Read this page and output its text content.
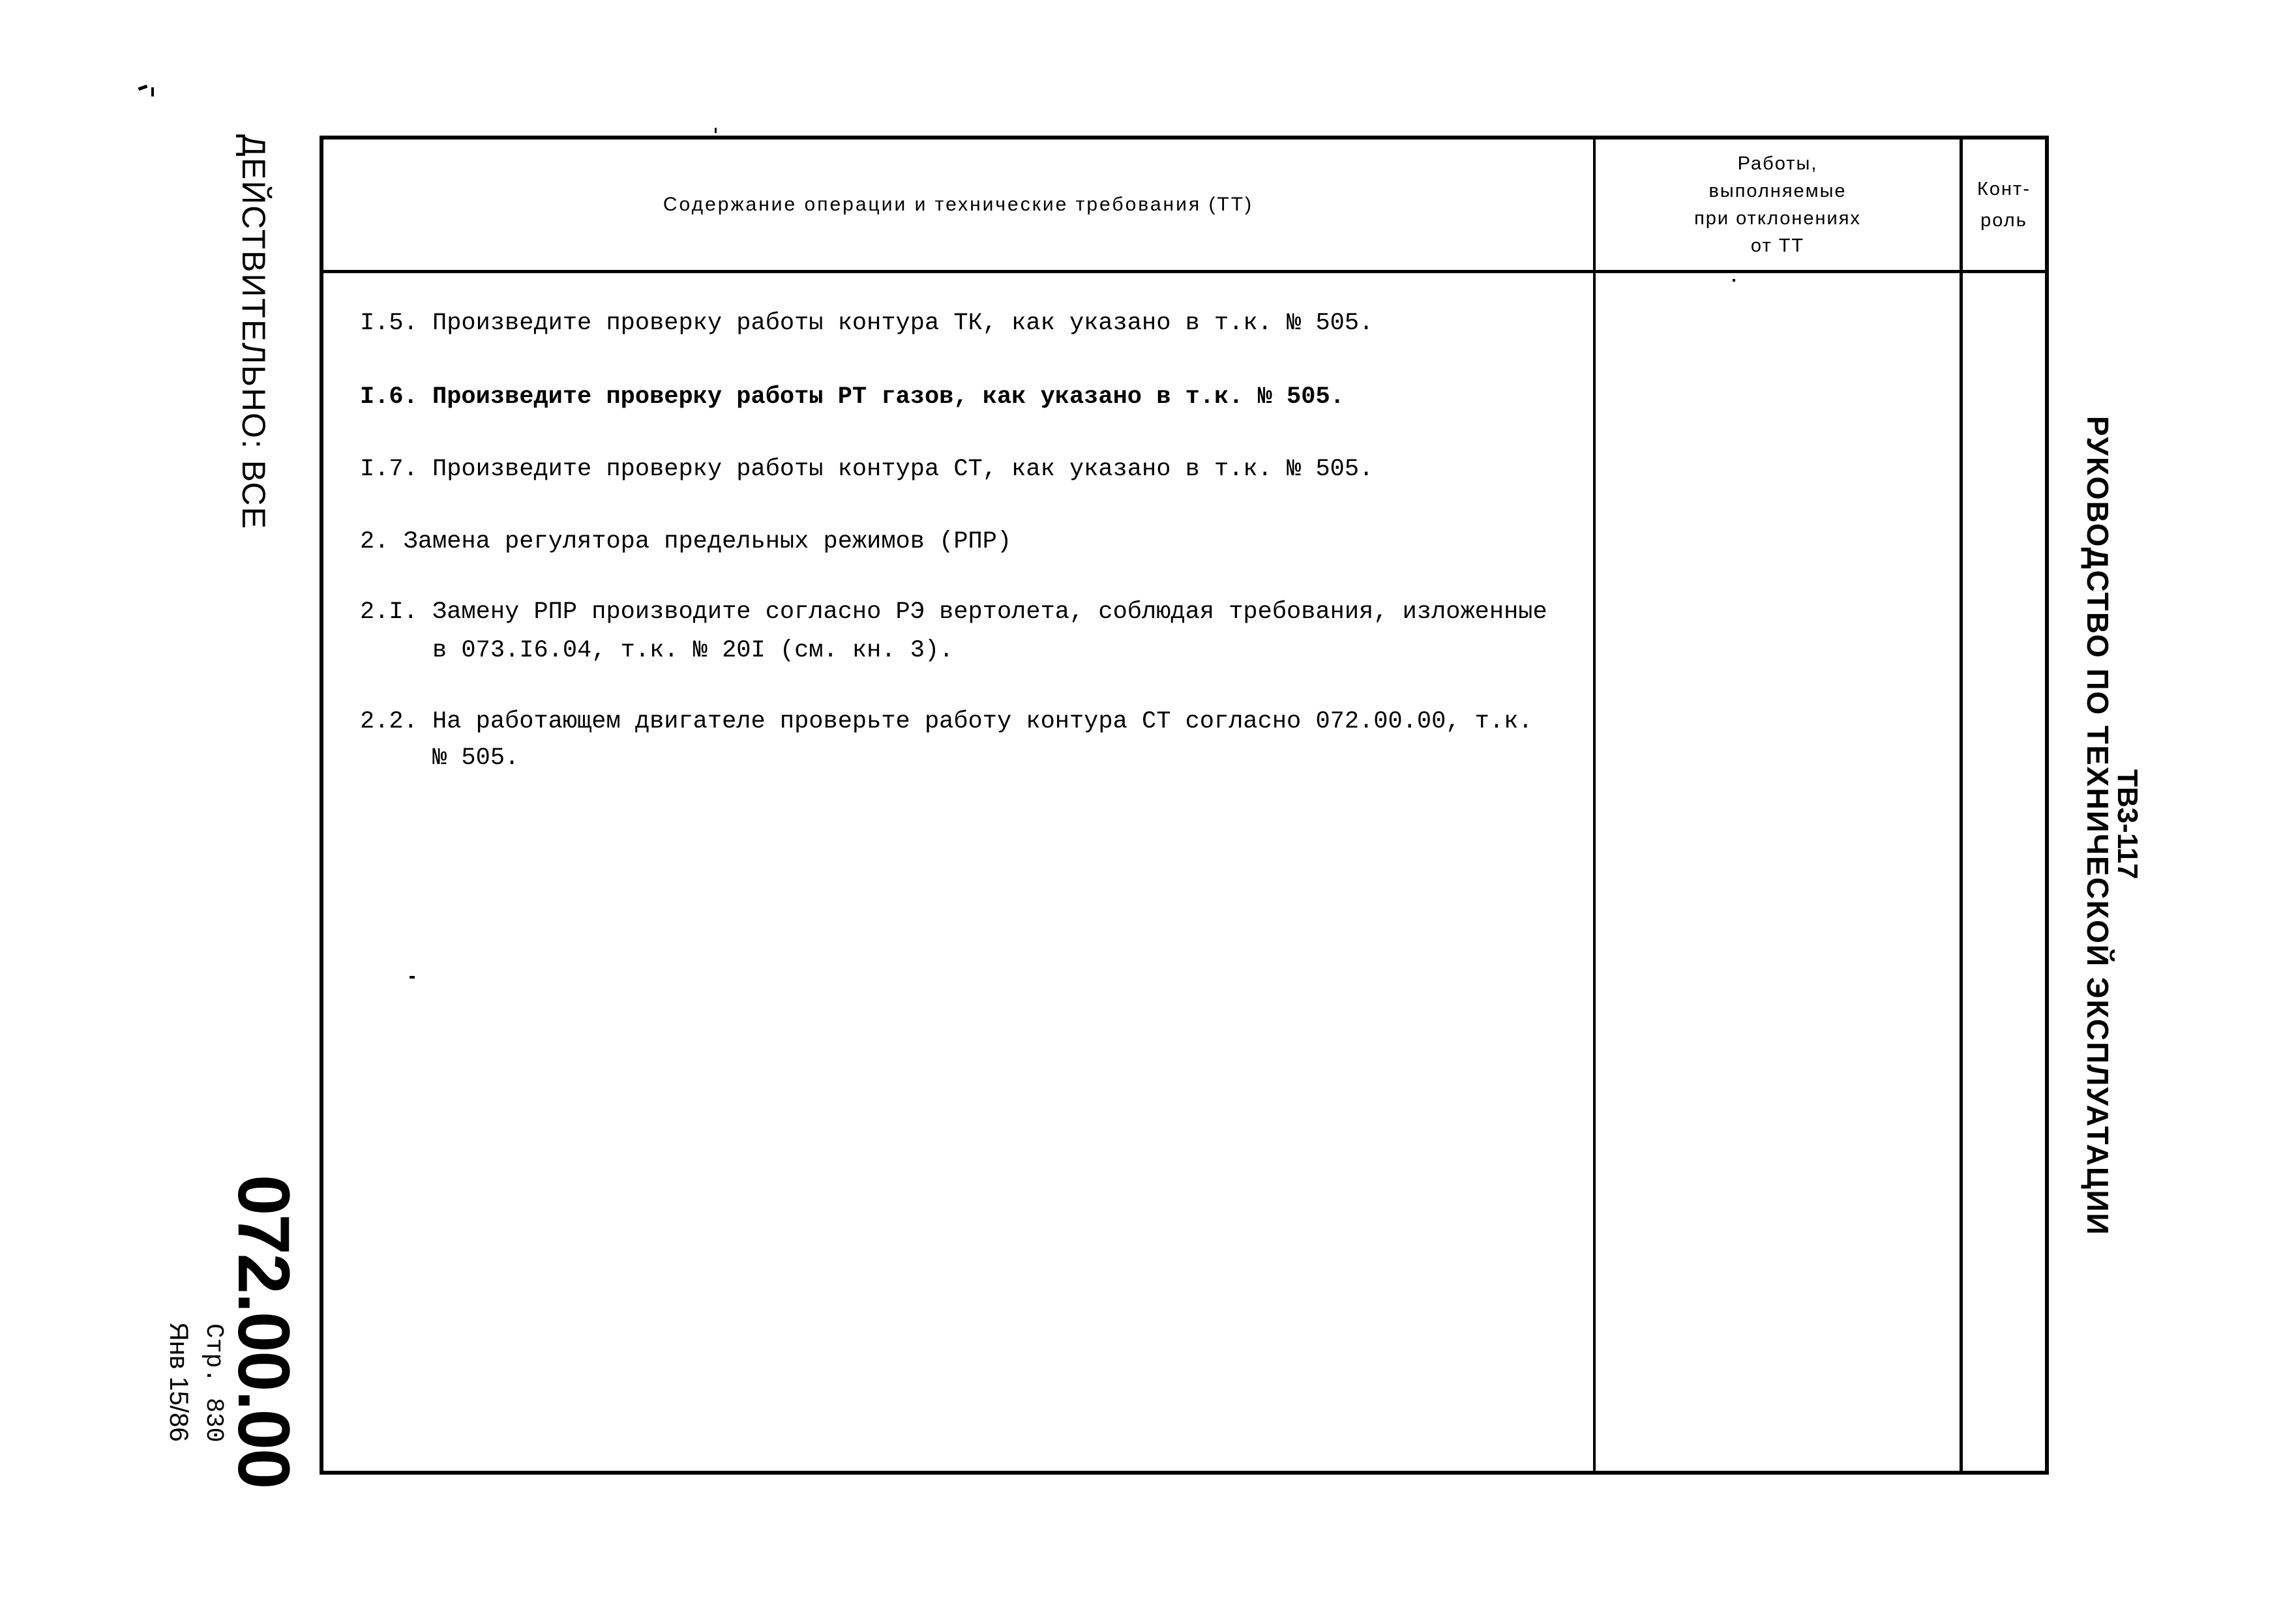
Содержание операции и технические требования (ТТ)
Работы,
выполняемые
при отклонениях
от ТТ
Конт-
роль
I.5. Произведите проверку работы контура ТК, как указано в т.к. № 505.
I.6. Произведите проверку работы РТ газов, как указано в т.к. № 505.
I.7. Произведите проверку работы контура СТ, как указано в т.к. № 505.
2. Замена регулятора предельных режимов (РПР)
2.I. Замену РПР производите согласно РЭ вертолета, соблюдая требования, изложенные
в 073.I6.04, т.к. № 20I (см. кн. 3).
2.2. На работающем двигателе проверьте работу контура СТ согласно 072.00.00, т.к.
№ 505.
ДЕЙСТВИТЕЛЬНО: ВСЕ
072.00.00
Стр. 830
Янв 15/86
РУКОВОДСТВО ПО ТЕХНИЧЕСКОЙ ЭКСПЛУАТАЦИИ
ТВ3-117
